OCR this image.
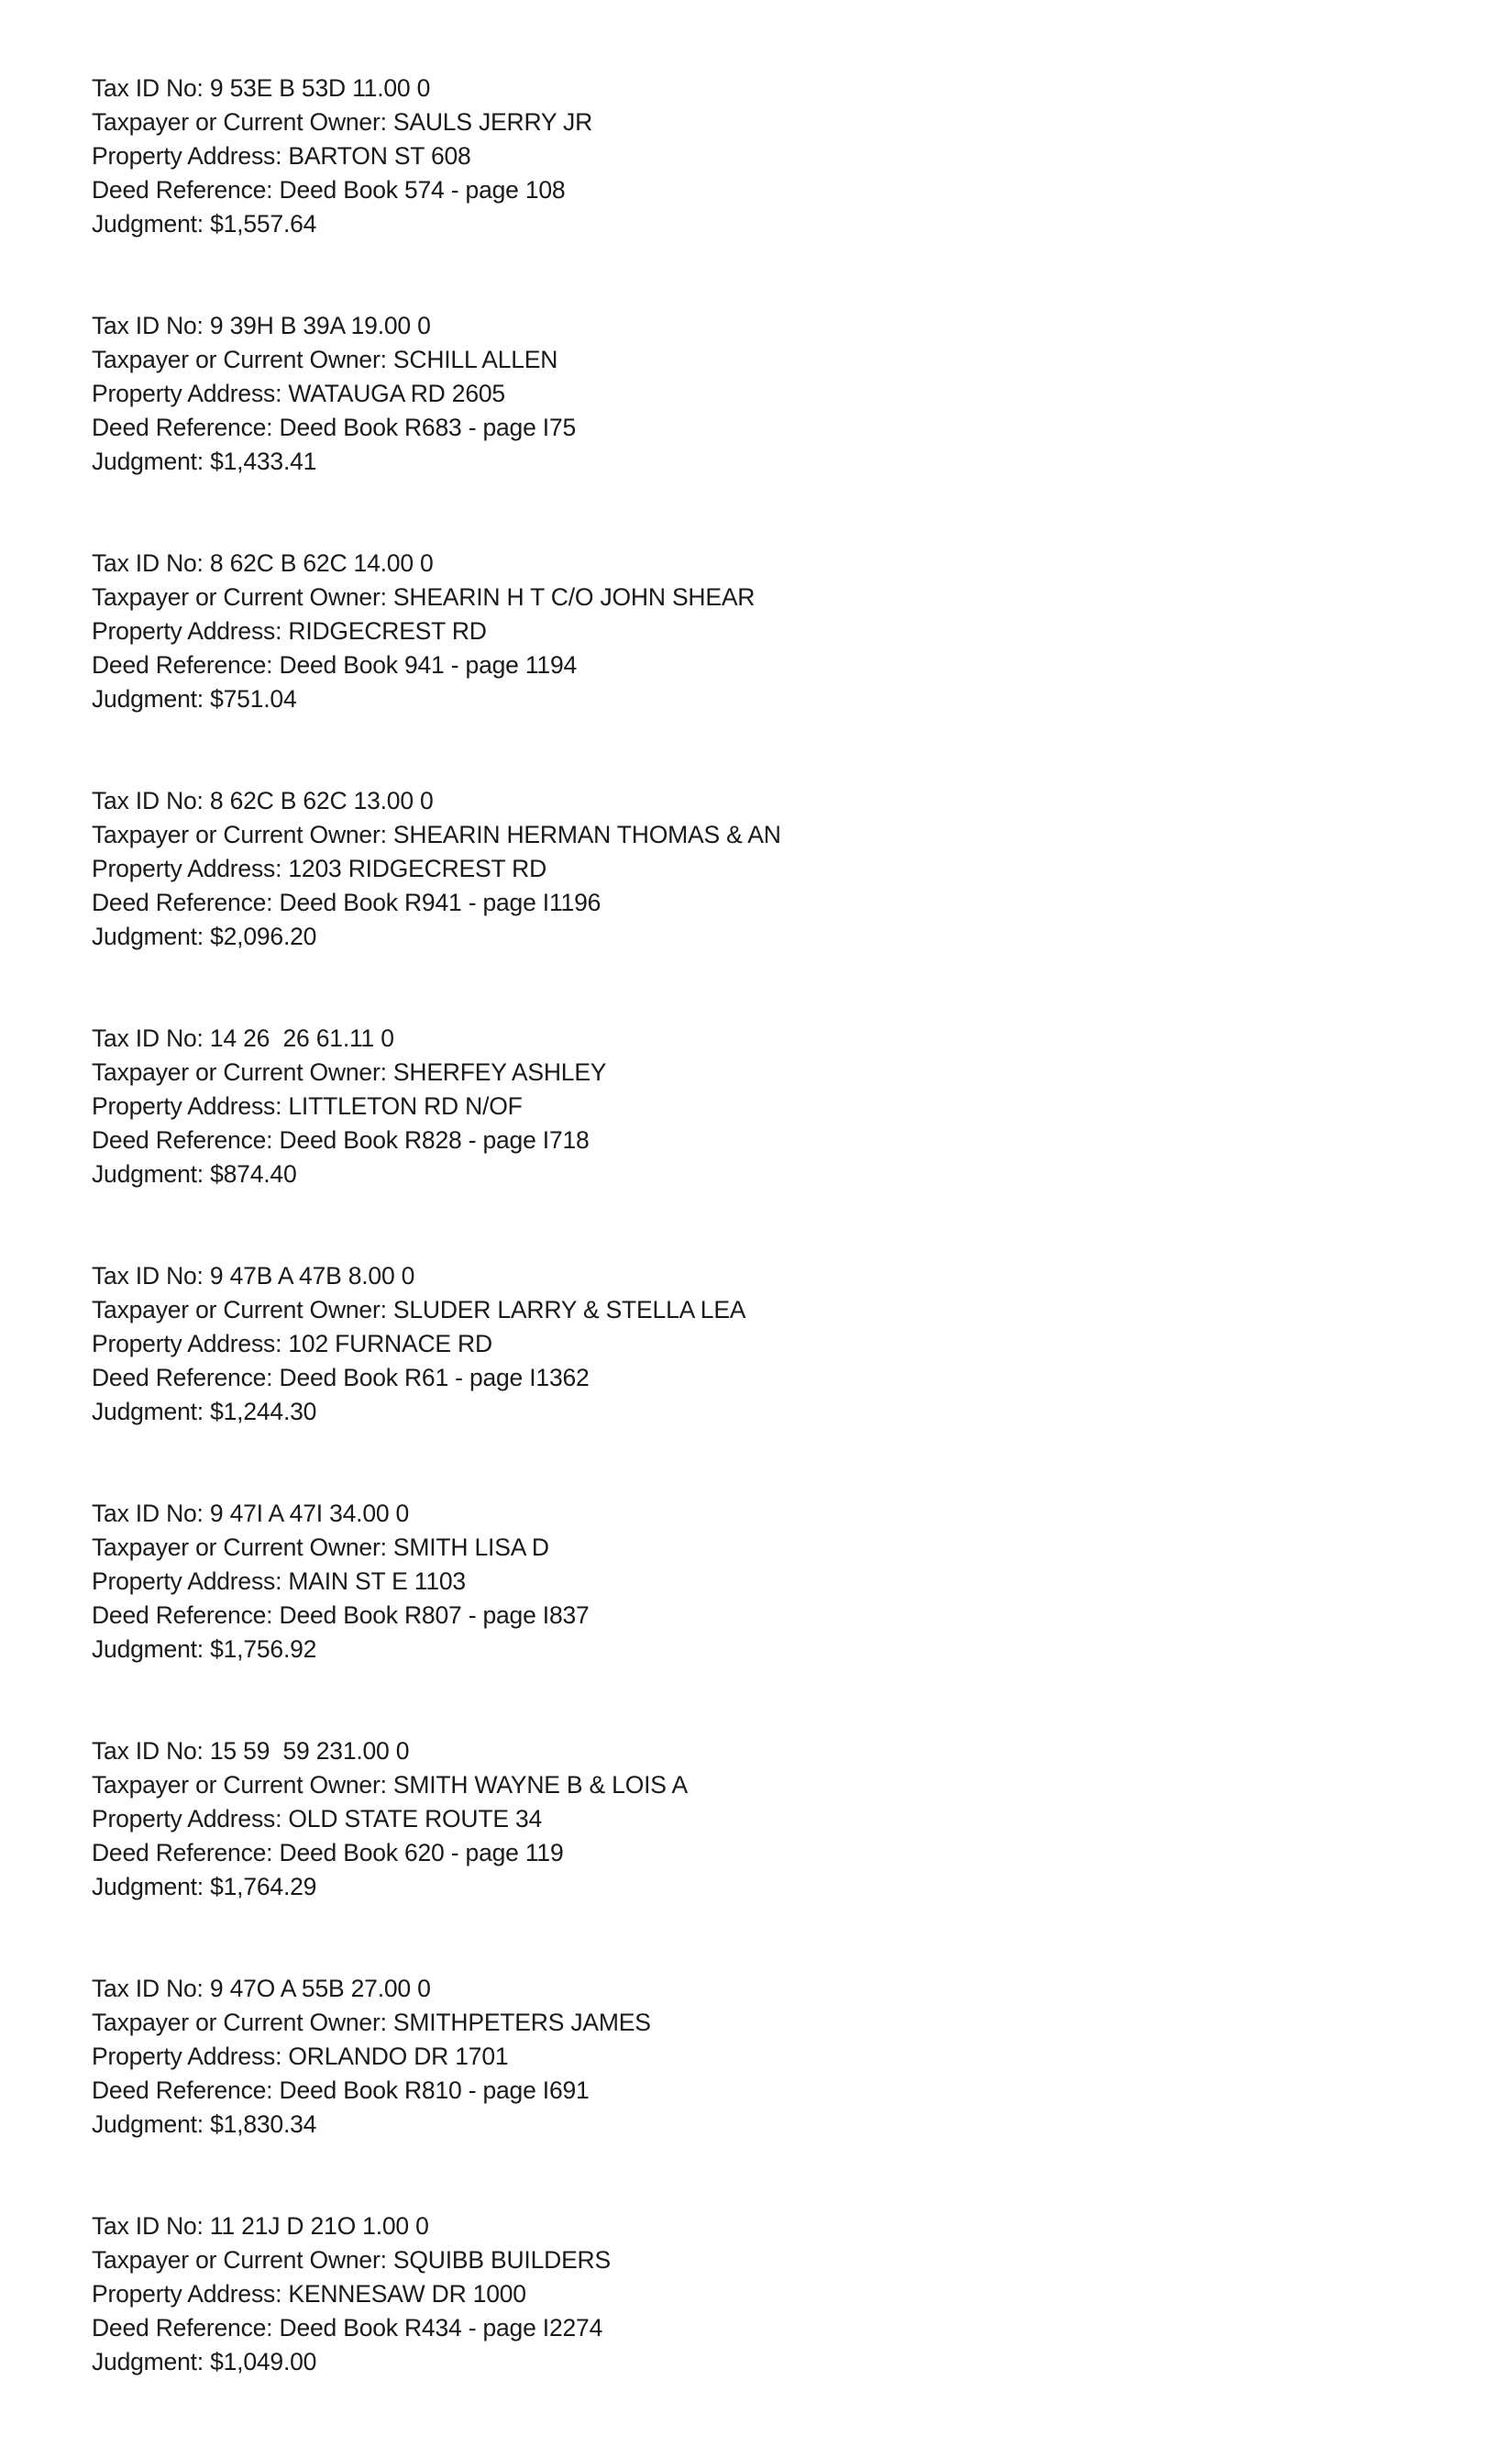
Tax ID No: 9 53E B 53D 11.00 0
Taxpayer or Current Owner: SAULS JERRY JR
Property Address: BARTON ST 608
Deed Reference: Deed Book 574 - page 108
Judgment: $1,557.64
Tax ID No: 9 39H B 39A 19.00 0
Taxpayer or Current Owner: SCHILL ALLEN
Property Address: WATAUGA RD 2605
Deed Reference: Deed Book R683 - page I75
Judgment: $1,433.41
Tax ID No: 8 62C B 62C 14.00 0
Taxpayer or Current Owner: SHEARIN H T C/O JOHN SHEAR
Property Address: RIDGECREST RD
Deed Reference: Deed Book 941 - page 1194
Judgment: $751.04
Tax ID No: 8 62C B 62C 13.00 0
Taxpayer or Current Owner: SHEARIN HERMAN THOMAS & AN
Property Address: 1203 RIDGECREST RD
Deed Reference: Deed Book R941 - page I1196
Judgment: $2,096.20
Tax ID No: 14 26  26 61.11 0
Taxpayer or Current Owner: SHERFEY ASHLEY
Property Address: LITTLETON RD N/OF
Deed Reference: Deed Book R828 - page I718
Judgment: $874.40
Tax ID No: 9 47B A 47B 8.00 0
Taxpayer or Current Owner: SLUDER LARRY & STELLA LEA
Property Address: 102 FURNACE RD
Deed Reference: Deed Book R61 - page I1362
Judgment: $1,244.30
Tax ID No: 9 47I A 47I 34.00 0
Taxpayer or Current Owner: SMITH LISA D
Property Address: MAIN ST E 1103
Deed Reference: Deed Book R807 - page I837
Judgment: $1,756.92
Tax ID No: 15 59  59 231.00 0
Taxpayer or Current Owner: SMITH WAYNE B & LOIS A
Property Address: OLD STATE ROUTE 34
Deed Reference: Deed Book 620 - page 119
Judgment: $1,764.29
Tax ID No: 9 47O A 55B 27.00 0
Taxpayer or Current Owner: SMITHPETERS JAMES
Property Address: ORLANDO DR 1701
Deed Reference: Deed Book R810 - page I691
Judgment: $1,830.34
Tax ID No: 11 21J D 21O 1.00 0
Taxpayer or Current Owner: SQUIBB BUILDERS
Property Address: KENNESAW DR 1000
Deed Reference: Deed Book R434 - page I2274
Judgment: $1,049.00
